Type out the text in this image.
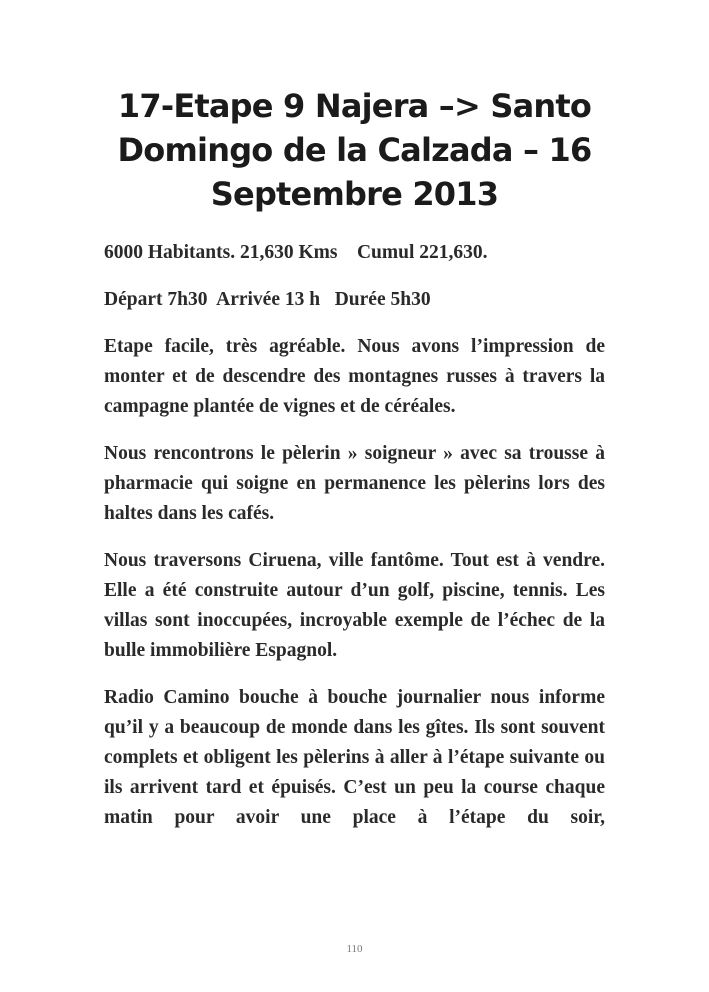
17-Etape 9 Najera –> Santo Domingo de la Calzada – 16 Septembre 2013

6000 Habitants. 21,630 Kms    Cumul 221,630.

Départ 7h30  Arrivée 13 h   Durée 5h30

Etape facile, très agréable. Nous avons l’impression de monter et de descendre des montagnes russes à travers la campagne plantée de vignes et de céréales.

Nous rencontrons le pèlerin » soigneur » avec sa trousse à pharmacie qui soigne en permanence les pèlerins lors des haltes dans les cafés.

Nous traversons Ciruena, ville fantôme. Tout est à vendre. Elle a été construite autour d’un golf, piscine, tennis. Les villas sont inoccupées, incroyable exemple de l’échec de la bulle immobilière Espagnol.

Radio Camino bouche à bouche journalier nous informe qu’il y a beaucoup de monde dans les gîtes. Ils sont souvent complets et obligent les pèlerins à aller à l’étape suivante ou ils arrivent tard et épuisés. C’est un peu la course chaque matin pour avoir une place à l’étape du soir,

110
